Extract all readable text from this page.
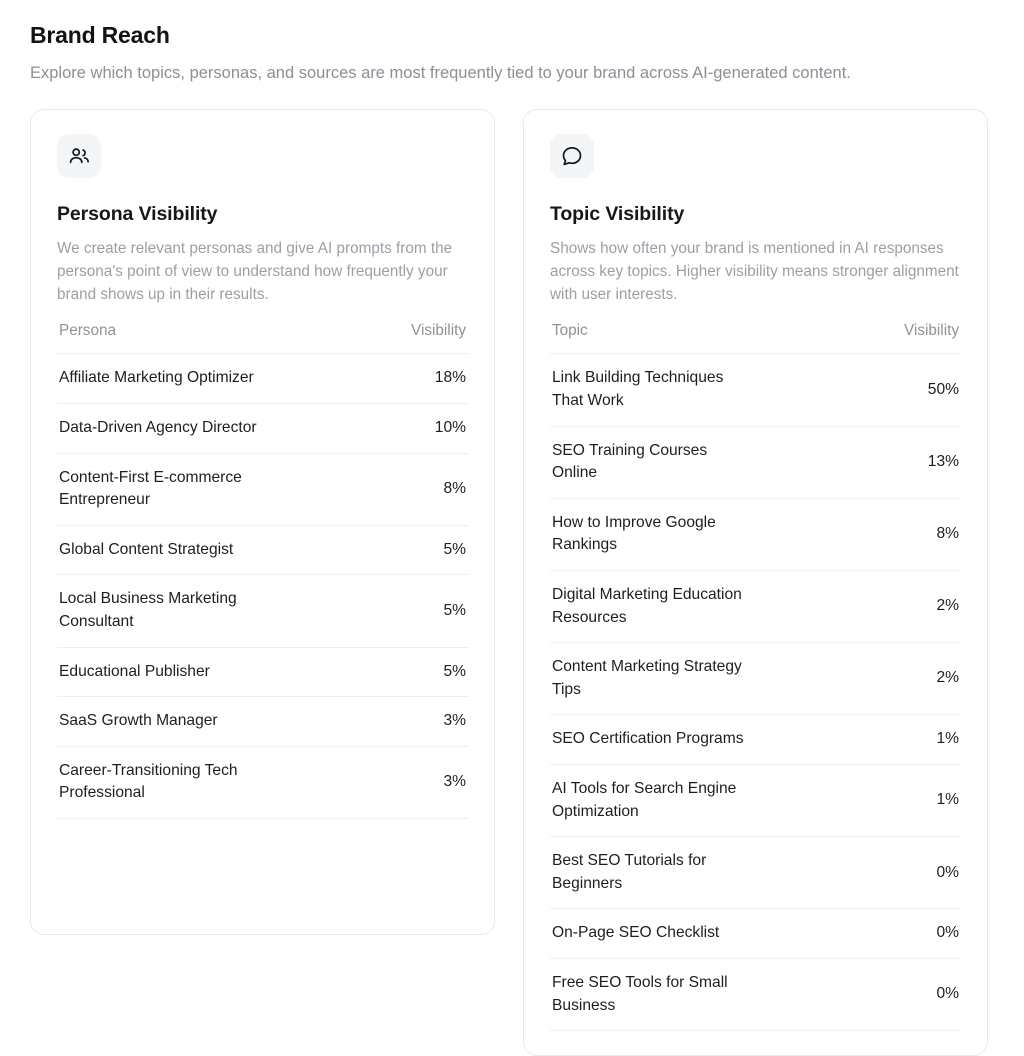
Brand Reach

Explore which topics, personas, and sources are most frequently tied to your brand across AI-generated content.

Persona Visibility

We create relevant personas and give AI prompts from the persona's point of view to understand how frequently your brand shows up in their results.

Persona	Visibility
Affiliate Marketing Optimizer	18%
Data-Driven Agency Director	10%
Content-First E-commerce Entrepreneur	8%
Global Content Strategist	5%
Local Business Marketing Consultant	5%
Educational Publisher	5%
SaaS Growth Manager	3%
Career-Transitioning Tech Professional	3%
Topic Visibility

Shows how often your brand is mentioned in AI responses across key topics. Higher visibility means stronger alignment with user interests.

Topic	Visibility
Link Building Techniques That Work	50%
SEO Training Courses Online	13%
How to Improve Google Rankings	8%
Digital Marketing Education Resources	2%
Content Marketing Strategy Tips	2%
SEO Certification Programs	1%
AI Tools for Search Engine Optimization	1%
Best SEO Tutorials for Beginners	0%
On-Page SEO Checklist	0%
Free SEO Tools for Small Business	0%
